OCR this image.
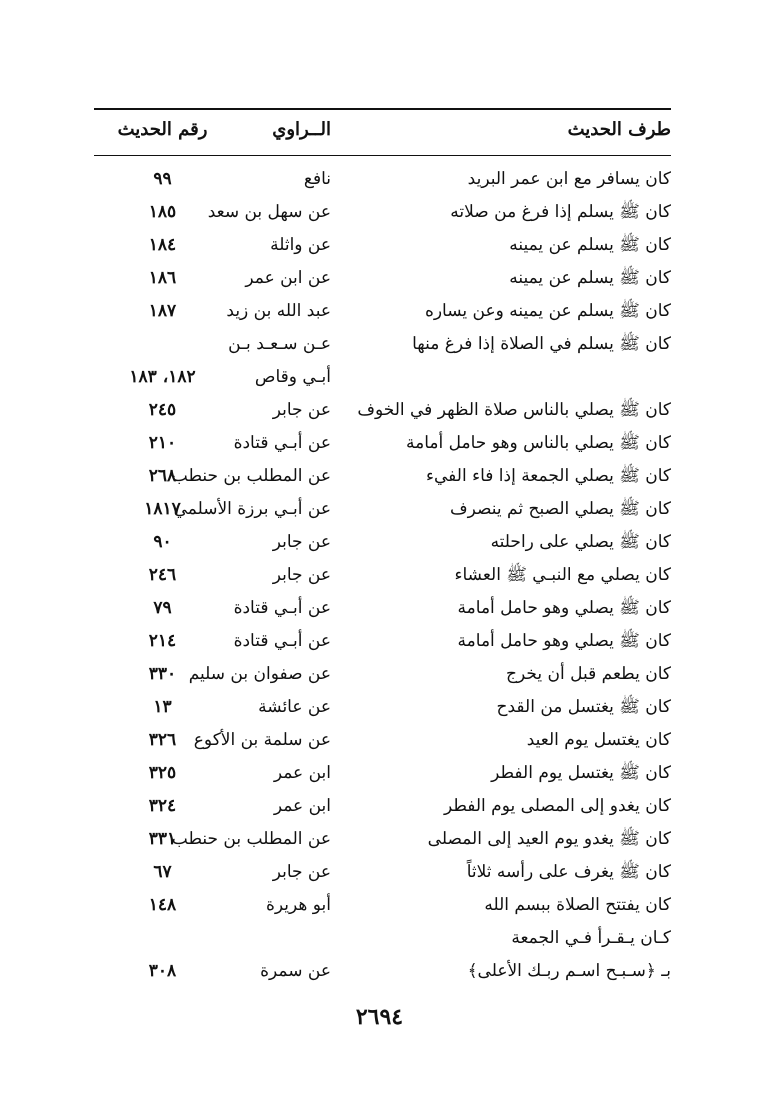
طرف الحديث
الــراوي
رقم الحديث
كان يسافر مع ابن عمر البريد
نافع
٩٩
كان ﷺ يسلم إذا فرغ من صلاته
عن سهل بن سعد
١٨٥
كان ﷺ يسلم عن يمينه
عن واثلة
١٨٤
كان ﷺ يسلم عن يمينه
عن ابن عمر
١٨٦
كان ﷺ يسلم عن يمينه وعن يساره
عبد الله بن زيد
١٨٧
كان ﷺ يسلم في الصلاة إذا فرغ منها
عـن سـعـد بـن
أبـي وقاص
١٨٢، ١٨٣
كان ﷺ يصلي بالناس صلاة الظهر في الخوف
عن جابر
٢٤٥
كان ﷺ يصلي بالناس وهو حامل أمامة
عن أبـي قتادة
٢١٠
كان ﷺ يصلي الجمعة إذا فاء الفيء
عن المطلب بن حنطب
٢٦٨
كان ﷺ يصلي الصبح ثم ينصرف
عن أبـي برزة الأسلمي
١٨١٧
كان ﷺ يصلي على راحلته
عن جابر
٩٠
كان يصلي مع النبـي ﷺ العشاء
عن جابر
٢٤٦
كان ﷺ يصلي وهو حامل أمامة
عن أبـي قتادة
٧٩
كان ﷺ يصلي وهو حامل أمامة
عن أبـي قتادة
٢١٤
كان يطعم قبل أن يخرج
عن صفوان بن سليم
٣٣٠
كان ﷺ يغتسل من القدح
عن عائشة
١٣
كان يغتسل يوم العيد
عن سلمة بن الأكوع
٣٢٦
كان ﷺ يغتسل يوم الفطر
ابن عمر
٣٢٥
كان يغدو إلى المصلى يوم الفطر
ابن عمر
٣٢٤
كان ﷺ يغدو يوم العيد إلى المصلى
عن المطلب بن حنطب
٣٣١
كان ﷺ يغرف على رأسه ثلاثاً
عن جابر
٦٧
كان يفتتح الصلاة ببسم الله
أبو هريرة
١٤٨
كـان يـقـرأ فـي الجمعة
بـ ﴿سـبـح اسـم ربـك الأعلى﴾
عن سمرة
٣٠٨
٢٦٩٤
